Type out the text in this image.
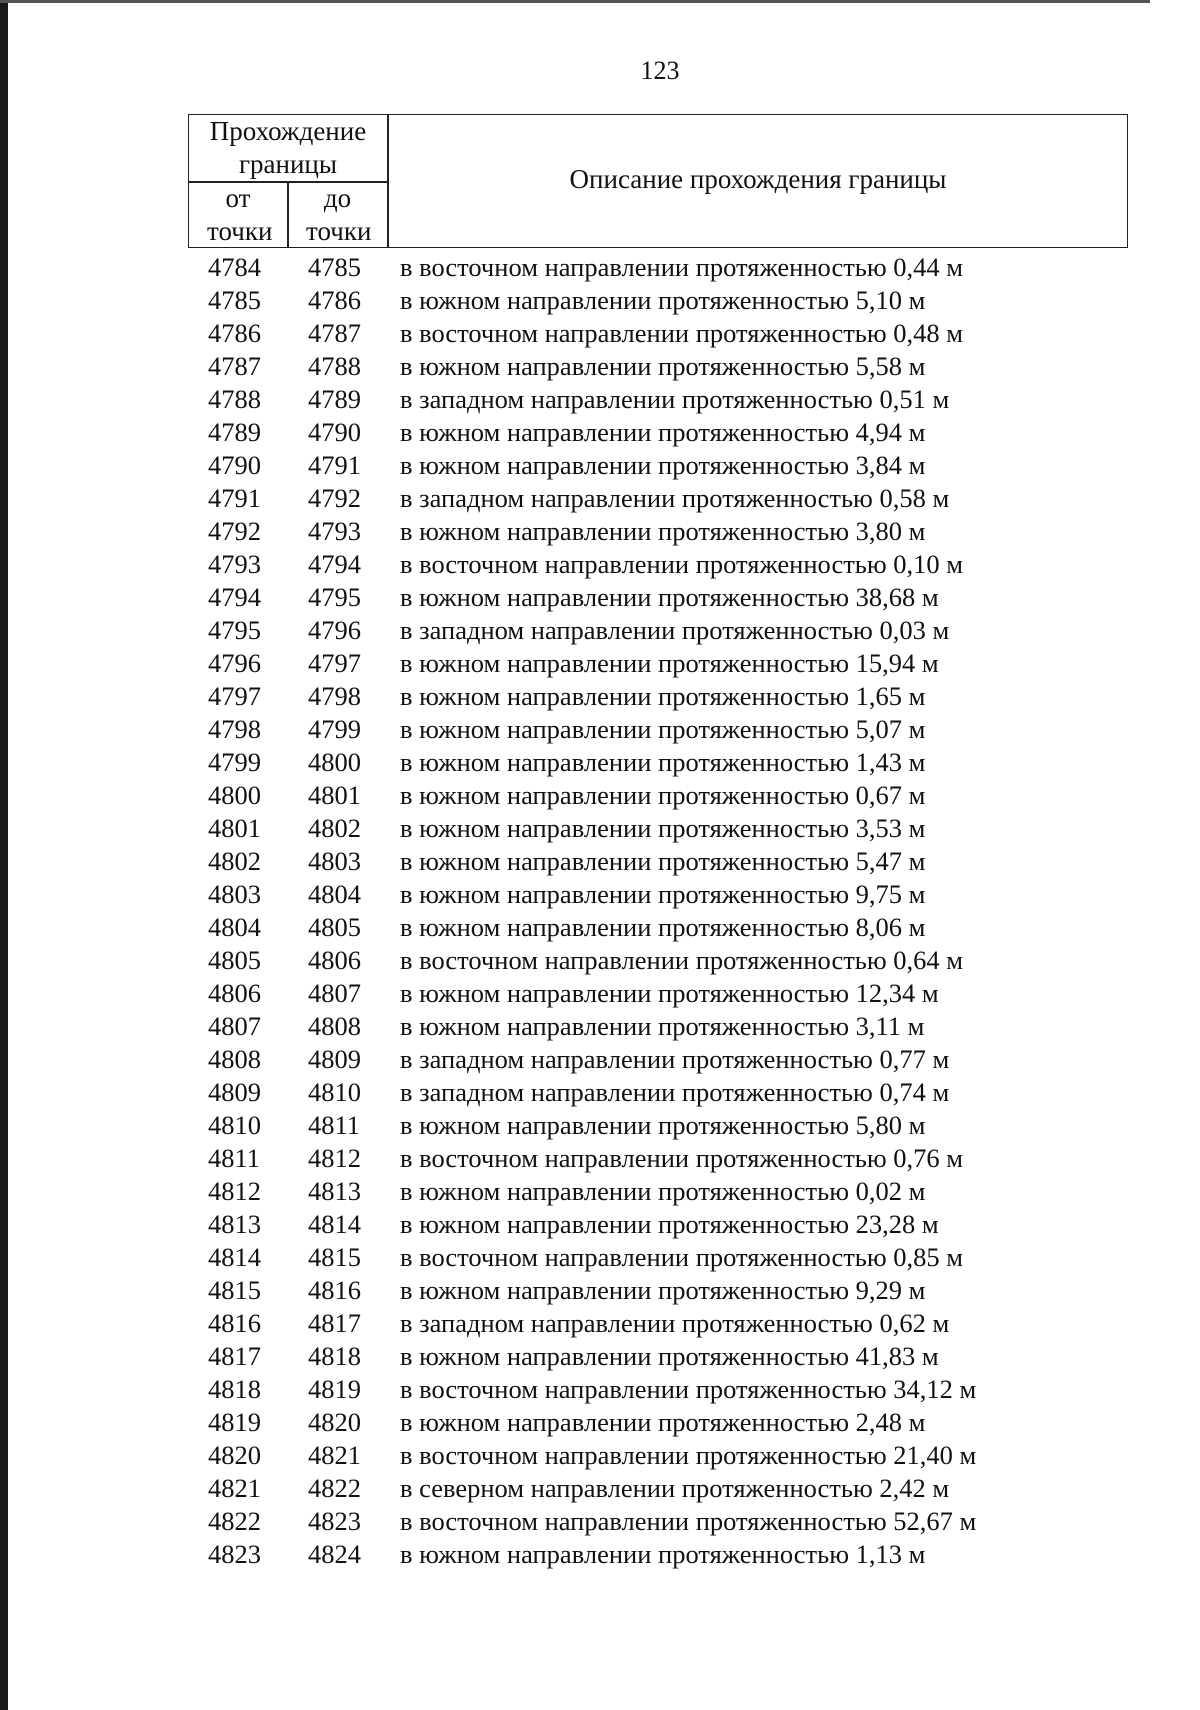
123
Прохождение границы
от точки
до точки
Описание прохождения границы
4784	4785	в восточном направлении протяженностью 0,44 м
4785	4786	в южном направлении протяженностью 5,10 м
4786	4787	в восточном направлении протяженностью 0,48 м
4787	4788	в южном направлении протяженностью 5,58 м
4788	4789	в западном направлении протяженностью 0,51 м
4789	4790	в южном направлении протяженностью 4,94 м
4790	4791	в южном направлении протяженностью 3,84 м
4791	4792	в западном направлении протяженностью 0,58 м
4792	4793	в южном направлении протяженностью 3,80 м
4793	4794	в восточном направлении протяженностью 0,10 м
4794	4795	в южном направлении протяженностью 38,68 м
4795	4796	в западном направлении протяженностью 0,03 м
4796	4797	в южном направлении протяженностью 15,94 м
4797	4798	в южном направлении протяженностью 1,65 м
4798	4799	в южном направлении протяженностью 5,07 м
4799	4800	в южном направлении протяженностью 1,43 м
4800	4801	в южном направлении протяженностью 0,67 м
4801	4802	в южном направлении протяженностью 3,53 м
4802	4803	в южном направлении протяженностью 5,47 м
4803	4804	в южном направлении протяженностью 9,75 м
4804	4805	в южном направлении протяженностью 8,06 м
4805	4806	в восточном направлении протяженностью 0,64 м
4806	4807	в южном направлении протяженностью 12,34 м
4807	4808	в южном направлении протяженностью 3,11 м
4808	4809	в западном направлении протяженностью 0,77 м
4809	4810	в западном направлении протяженностью 0,74 м
4810	4811	в южном направлении протяженностью 5,80 м
4811	4812	в восточном направлении протяженностью 0,76 м
4812	4813	в южном направлении протяженностью 0,02 м
4813	4814	в южном направлении протяженностью 23,28 м
4814	4815	в восточном направлении протяженностью 0,85 м
4815	4816	в южном направлении протяженностью 9,29 м
4816	4817	в западном направлении протяженностью 0,62 м
4817	4818	в южном направлении протяженностью 41,83 м
4818	4819	в восточном направлении протяженностью 34,12 м
4819	4820	в южном направлении протяженностью 2,48 м
4820	4821	в восточном направлении протяженностью 21,40 м
4821	4822	в северном направлении протяженностью 2,42 м
4822	4823	в восточном направлении протяженностью 52,67 м
4823	4824	в южном направлении протяженностью 1,13 м
